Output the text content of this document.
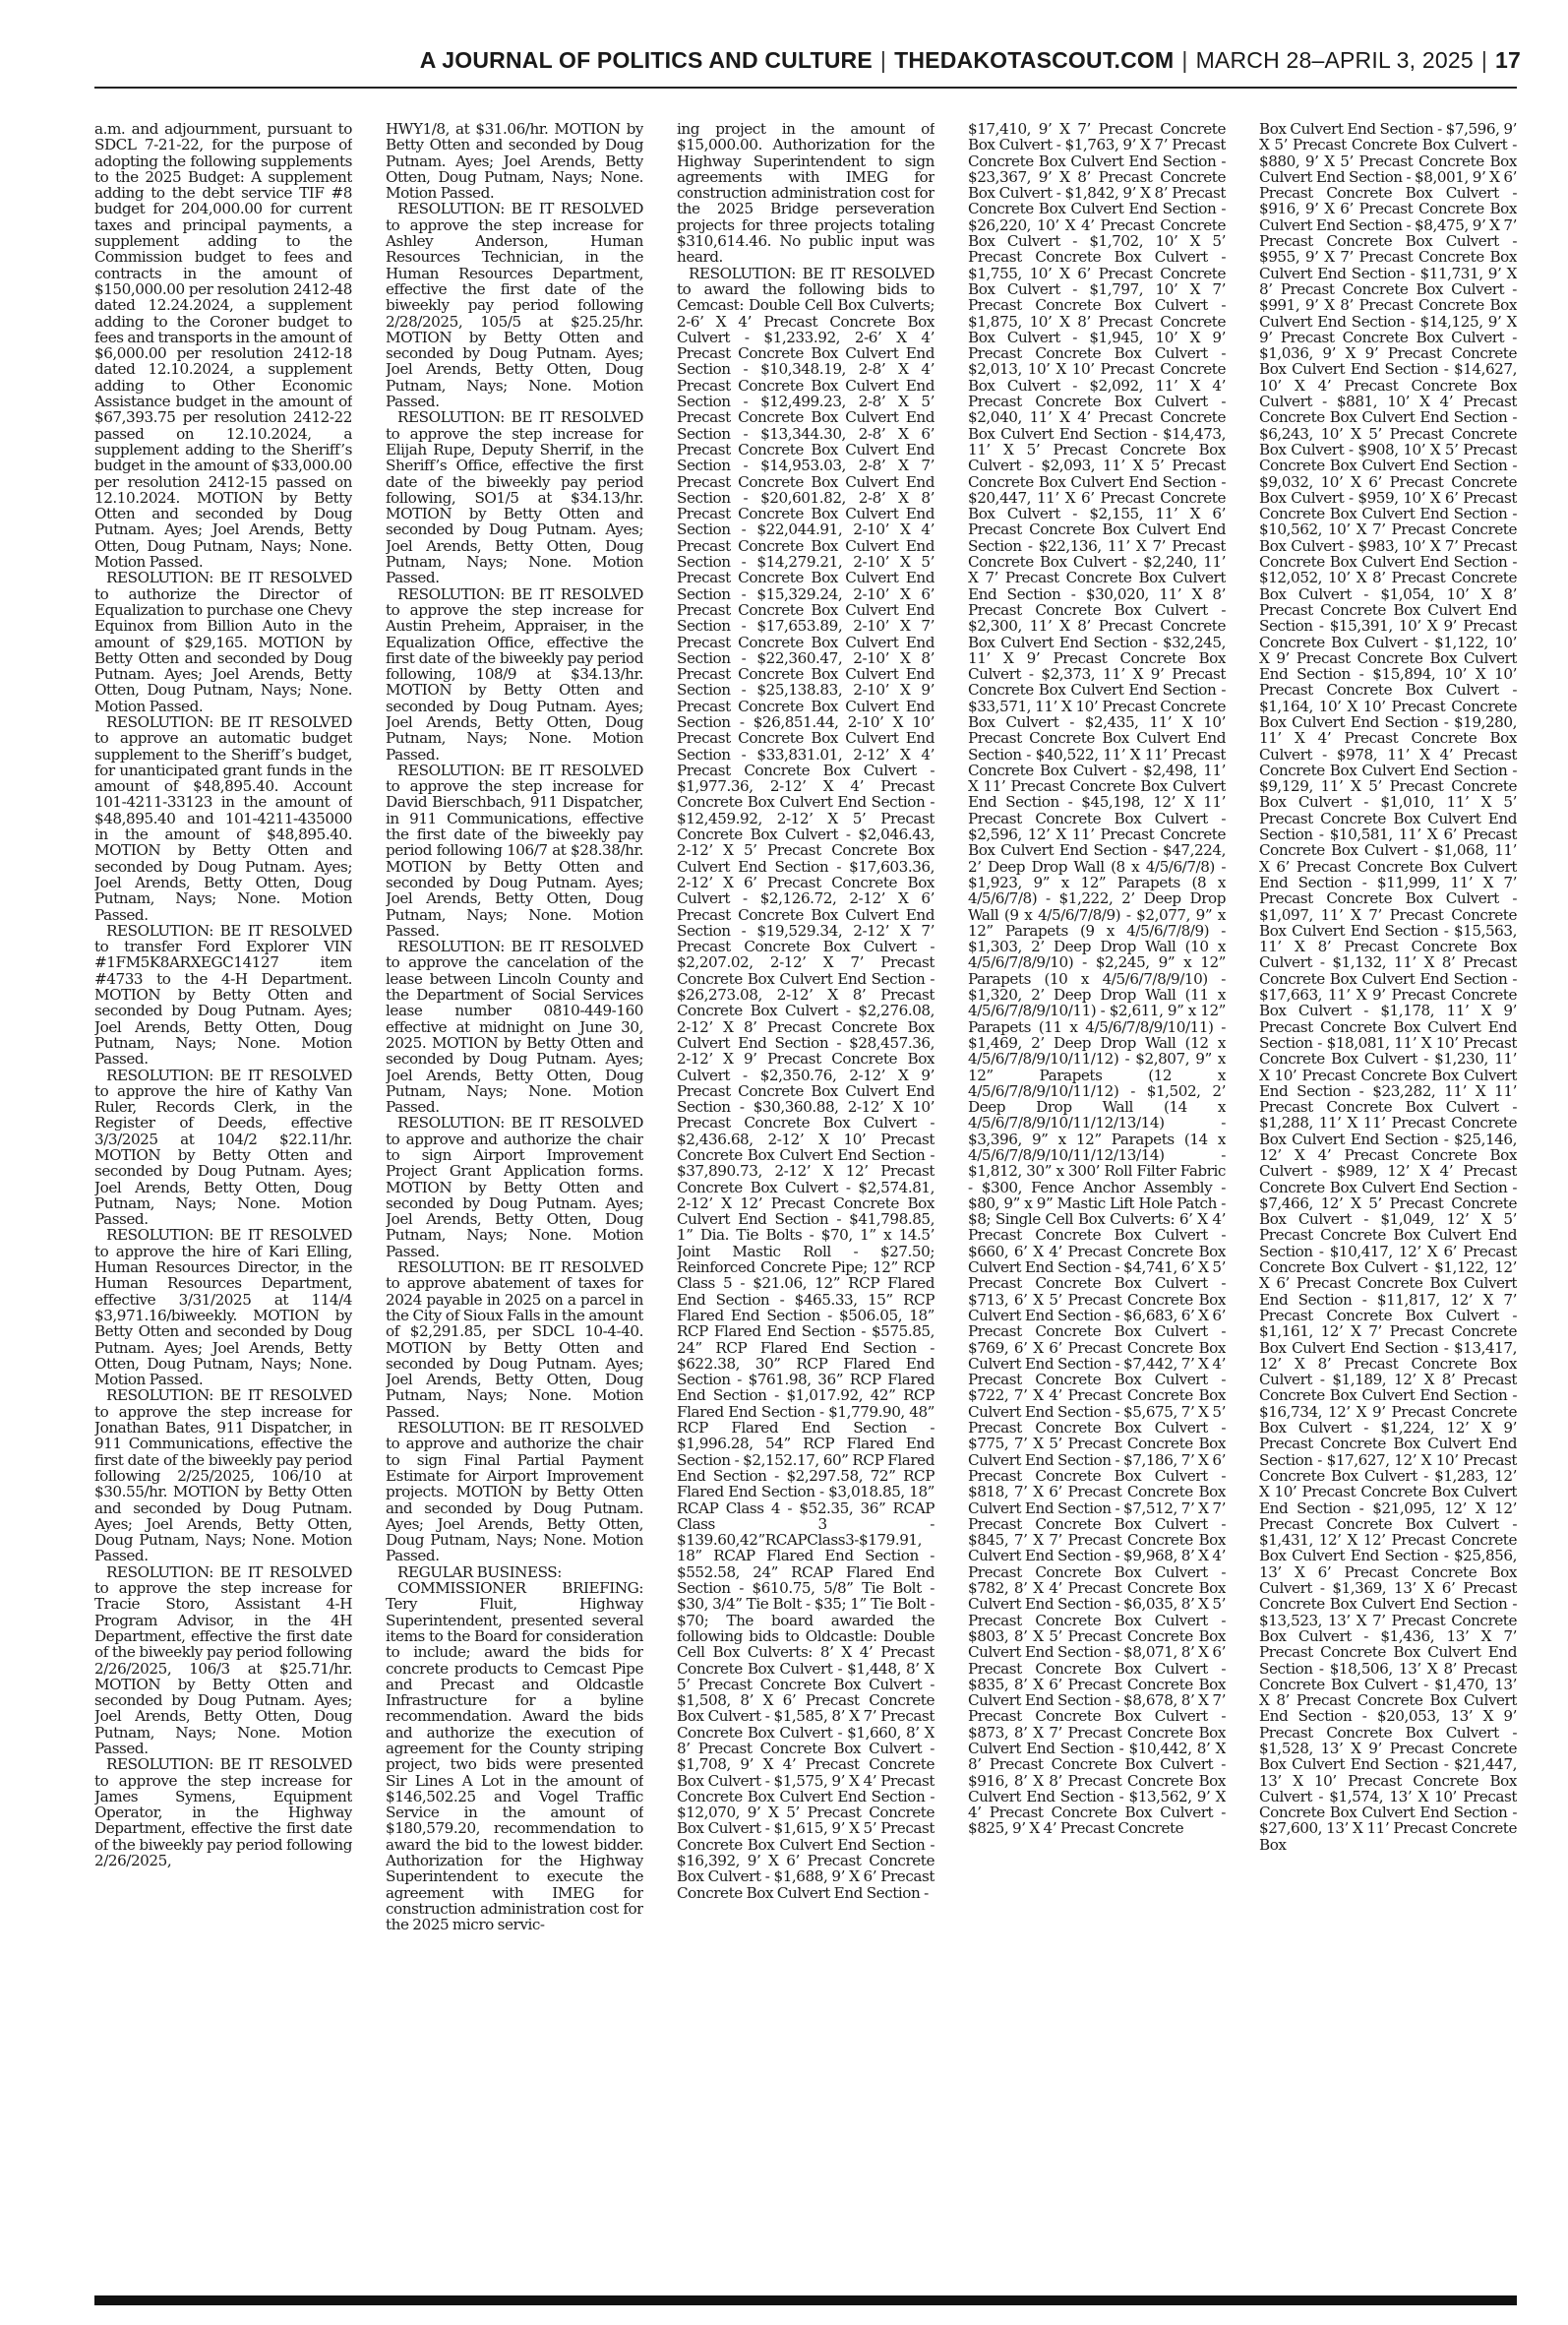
A JOURNAL OF POLITICS AND CULTURE | THEDAKOTASCOUT.COM | MARCH 28–APRIL 3, 2025 | 17

a.m. and adjournment, pursuant to SDCL 7-21-22, for the purpose of adopting the following supplements to the 2025 Budget: A supplement adding to the debt service TIF #8 budget for 204,000.00 for current taxes and principal payments, a supplement adding to the Commission budget to fees and contracts in the amount of $150,000.00 per resolution 2412-48 dated 12.24.2024, a supplement adding to the Coroner budget to fees and transports in the amount of $6,000.00 per resolution 2412-18 dated 12.10.2024, a supplement adding to Other Economic Assistance budget in the amount of $67,393.75 per resolution 2412-22 passed on 12.10.2024, a supplement adding to the Sheriff’s budget in the amount of $33,000.00 per resolution 2412-15 passed on 12.10.2024. MOTION by Betty Otten and seconded by Doug Putnam. Ayes; Joel Arends, Betty Otten, Doug Putnam, Nays; None. Motion Passed.

RESOLUTION: BE IT RESOLVED to authorize the Director of Equalization to purchase one Chevy Equinox from Billion Auto in the amount of $29,165. MOTION by Betty Otten and seconded by Doug Putnam. Ayes; Joel Arends, Betty Otten, Doug Putnam, Nays; None. Motion Passed.

RESOLUTION: BE IT RESOLVED to approve an automatic budget supplement to the Sheriff’s budget, for unanticipated grant funds in the amount of $48,895.40. Account 101-4211-33123 in the amount of $48,895.40 and 101-4211-435000 in the amount of $48,895.40. MOTION by Betty Otten and seconded by Doug Putnam. Ayes; Joel Arends, Betty Otten, Doug Putnam, Nays; None. Motion Passed.

RESOLUTION: BE IT RESOLVED to transfer Ford Explorer VIN #1FM5K8ARXEGC14127 item #4733 to the 4-H Department. MOTION by Betty Otten and seconded by Doug Putnam. Ayes; Joel Arends, Betty Otten, Doug Putnam, Nays; None. Motion Passed.

RESOLUTION: BE IT RESOLVED to approve the hire of Kathy Van Ruler, Records Clerk, in the Register of Deeds, effective 3/3/2025 at 104/2 $22.11/hr. MOTION by Betty Otten and seconded by Doug Putnam. Ayes; Joel Arends, Betty Otten, Doug Putnam, Nays; None. Motion Passed.

RESOLUTION: BE IT RESOLVED to approve the hire of Kari Elling, Human Resources Director, in the Human Resources Department, effective 3/31/2025 at 114/4 $3,971.16/biweekly. MOTION by Betty Otten and seconded by Doug Putnam. Ayes; Joel Arends, Betty Otten, Doug Putnam, Nays; None. Motion Passed.

RESOLUTION: BE IT RESOLVED to approve the step increase for Jonathan Bates, 911 Dispatcher, in 911 Communications, effective the first date of the biweekly pay period following 2/25/2025, 106/10 at $30.55/hr. MOTION by Betty Otten and seconded by Doug Putnam. Ayes; Joel Arends, Betty Otten, Doug Putnam, Nays; None. Motion Passed.

RESOLUTION: BE IT RESOLVED to approve the step increase for Tracie Storo, Assistant 4-H Program Advisor, in the 4H Department, effective the first date of the biweekly pay period following 2/26/2025, 106/3 at $25.71/hr. MOTION by Betty Otten and seconded by Doug Putnam. Ayes; Joel Arends, Betty Otten, Doug Putnam, Nays; None. Motion Passed.

RESOLUTION: BE IT RESOLVED to approve the step increase for James Symens, Equipment Operator, in the Highway Department, effective the first date of the biweekly pay period following 2/26/2025,

HWY1/8, at $31.06/hr. MOTION by Betty Otten and seconded by Doug Putnam. Ayes; Joel Arends, Betty Otten, Doug Putnam, Nays; None. Motion Passed.

RESOLUTION: BE IT RESOLVED to approve the step increase for Ashley Anderson, Human Resources Technician, in the Human Resources Department, effective the first date of the biweekly pay period following 2/28/2025, 105/5 at $25.25/hr. MOTION by Betty Otten and seconded by Doug Putnam. Ayes; Joel Arends, Betty Otten, Doug Putnam, Nays; None. Motion Passed.

RESOLUTION: BE IT RESOLVED to approve the step increase for Elijah Rupe, Deputy Sherrif, in the Sheriff’s Office, effective the first date of the biweekly pay period following, SO1/5 at $34.13/hr. MOTION by Betty Otten and seconded by Doug Putnam. Ayes; Joel Arends, Betty Otten, Doug Putnam, Nays; None. Motion Passed.

RESOLUTION: BE IT RESOLVED to approve the step increase for Austin Preheim, Appraiser, in the Equalization Office, effective the first date of the biweekly pay period following, 108/9 at $34.13/hr. MOTION by Betty Otten and seconded by Doug Putnam. Ayes; Joel Arends, Betty Otten, Doug Putnam, Nays; None. Motion Passed.

RESOLUTION: BE IT RESOLVED to approve the step increase for David Bierschbach, 911 Dispatcher, in 911 Communications, effective the first date of the biweekly pay period following 106/7 at $28.38/hr. MOTION by Betty Otten and seconded by Doug Putnam. Ayes; Joel Arends, Betty Otten, Doug Putnam, Nays; None. Motion Passed.

RESOLUTION: BE IT RESOLVED to approve the cancelation of the lease between Lincoln County and the Department of Social Services lease number 0810-449-160 effective at midnight on June 30, 2025. MOTION by Betty Otten and seconded by Doug Putnam. Ayes; Joel Arends, Betty Otten, Doug Putnam, Nays; None. Motion Passed.

RESOLUTION: BE IT RESOLVED to approve and authorize the chair to sign Airport Improvement Project Grant Application forms. MOTION by Betty Otten and seconded by Doug Putnam. Ayes; Joel Arends, Betty Otten, Doug Putnam, Nays; None. Motion Passed.

RESOLUTION: BE IT RESOLVED to approve abatement of taxes for 2024 payable in 2025 on a parcel in the City of Sioux Falls in the amount of $2,291.85, per SDCL 10-4-40. MOTION by Betty Otten and seconded by Doug Putnam. Ayes; Joel Arends, Betty Otten, Doug Putnam, Nays; None. Motion Passed.

RESOLUTION: BE IT RESOLVED to approve and authorize the chair to sign Final Partial Payment Estimate for Airport Improvement projects. MOTION by Betty Otten and seconded by Doug Putnam. Ayes; Joel Arends, Betty Otten, Doug Putnam, Nays; None. Motion Passed.

REGULAR BUSINESS:

COMMISSIONER BRIEFING: Tery Fluit, Highway Superintendent, presented several items to the Board for consideration to include; award the bids for concrete products to Cemcast Pipe and Precast and Oldcastle Infrastructure for a byline recommendation. Award the bids and authorize the execution of agreement for the County striping project, two bids were presented Sir Lines A Lot in the amount of $146,502.25 and Vogel Traffic Service in the amount of $180,579.20, recommendation to award the bid to the lowest bidder. Authorization for the Highway Superintendent to execute the agreement with IMEG for construction administration cost for the 2025 micro servic-

ing project in the amount of $15,000.00. Authorization for the Highway Superintendent to sign agreements with IMEG for construction administration cost for the 2025 Bridge perseveration projects for three projects totaling $310,614.46. No public input was heard.

RESOLUTION: BE IT RESOLVED to award the following bids to Cemcast: Double Cell Box Culverts; 2-6’ X 4’ Precast Concrete Box Culvert - $1,233.92, 2-6’ X 4’ Precast Concrete Box Culvert End Section - $10,348.19, 2-8’ X 4’ Precast Concrete Box Culvert End Section - $12,499.23, 2-8’ X 5’ Precast Concrete Box Culvert End Section - $13,344.30, 2-8’ X 6’ Precast Concrete Box Culvert End Section - $14,953.03, 2-8’ X 7’ Precast Concrete Box Culvert End Section - $20,601.82, 2-8’ X 8’ Precast Concrete Box Culvert End Section - $22,044.91, 2-10’ X 4’ Precast Concrete Box Culvert End Section - $14,279.21, 2-10’ X 5’ Precast Concrete Box Culvert End Section - $15,329.24, 2-10’ X 6’ Precast Concrete Box Culvert End Section - $17,653.89, 2-10’ X 7’ Precast Concrete Box Culvert End Section - $22,360.47, 2-10’ X 8’ Precast Concrete Box Culvert End Section - $25,138.83, 2-10’ X 9’ Precast Concrete Box Culvert End Section - $26,851.44, 2-10’ X 10’ Precast Concrete Box Culvert End Section - $33,831.01, 2-12’ X 4’ Precast Concrete Box Culvert - $1,977.36, 2-12’ X 4’ Precast Concrete Box Culvert End Section - $12,459.92, 2-12’ X 5’ Precast Concrete Box Culvert - $2,046.43, 2-12’ X 5’ Precast Concrete Box Culvert End Section - $17,603.36, 2-12’ X 6’ Precast Concrete Box Culvert - $2,126.72, 2-12’ X 6’ Precast Concrete Box Culvert End Section - $19,529.34, 2-12’ X 7’ Precast Concrete Box Culvert - $2,207.02, 2-12’ X 7’ Precast Concrete Box Culvert End Section - $26,273.08, 2-12’ X 8’ Precast Concrete Box Culvert - $2,276.08, 2-12’ X 8’ Precast Concrete Box Culvert End Section - $28,457.36, 2-12’ X 9’ Precast Concrete Box Culvert - $2,350.76, 2-12’ X 9’ Precast Concrete Box Culvert End Section - $30,360.88, 2-12’ X 10’ Precast Concrete Box Culvert - $2,436.68, 2-12’ X 10’ Precast Concrete Box Culvert End Section - $37,890.73, 2-12’ X 12’ Precast Concrete Box Culvert - $2,574.81, 2-12’ X 12’ Precast Concrete Box Culvert End Section - $41,798.85, 1” Dia. Tie Bolts - $70, 1” x 14.5’ Joint Mastic Roll - $27.50; Reinforced Concrete Pipe; 12” RCP Class 5 - $21.06, 12” RCP Flared End Section - $465.33, 15” RCP Flared End Section - $506.05, 18” RCP Flared End Section - $575.85, 24” RCP Flared End Section - $622.38, 30” RCP Flared End Section - $761.98, 36” RCP Flared End Section - $1,017.92, 42” RCP Flared End Section - $1,779.90, 48” RCP Flared End Section - $1,996.28, 54” RCP Flared End Section - $2,152.17, 60” RCP Flared End Section - $2,297.58, 72” RCP Flared End Section - $3,018.85, 18” RCAP Class 4 - $52.35, 36” RCAP Class 3 - $139.60,42”RCAPClass3-$179.91, 18” RCAP Flared End Section - $552.58, 24” RCAP Flared End Section - $610.75, 5/8” Tie Bolt - $30, 3/4” Tie Bolt - $35; 1” Tie Bolt - $70; The board awarded the following bids to Oldcastle: Double Cell Box Culverts: 8’ X 4’ Precast Concrete Box Culvert - $1,448, 8’ X 5’ Precast Concrete Box Culvert - $1,508, 8’ X 6’ Precast Concrete Box Culvert - $1,585, 8’ X 7’ Precast Concrete Box Culvert - $1,660, 8’ X 8’ Precast Concrete Box Culvert - $1,708, 9’ X 4’ Precast Concrete Box Culvert - $1,575, 9’ X 4’ Precast Concrete Box Culvert End Section - $12,070, 9’ X 5’ Precast Concrete Box Culvert - $1,615, 9’ X 5’ Precast Concrete Box Culvert End Section - $16,392, 9’ X 6’ Precast Concrete Box Culvert - $1,688, 9’ X 6’ Precast Concrete Box Culvert End Section -

$17,410, 9’ X 7’ Precast Concrete Box Culvert - $1,763, 9’ X 7’ Precast Concrete Box Culvert End Section - $23,367, 9’ X 8’ Precast Concrete Box Culvert - $1,842, 9’ X 8’ Precast Concrete Box Culvert End Section - $26,220, 10’ X 4’ Precast Concrete Box Culvert - $1,702, 10’ X 5’ Precast Concrete Box Culvert - $1,755, 10’ X 6’ Precast Concrete Box Culvert - $1,797, 10’ X 7’ Precast Concrete Box Culvert - $1,875, 10’ X 8’ Precast Concrete Box Culvert - $1,945, 10’ X 9’ Precast Concrete Box Culvert - $2,013, 10’ X 10’ Precast Concrete Box Culvert - $2,092, 11’ X 4’ Precast Concrete Box Culvert - $2,040, 11’ X 4’ Precast Concrete Box Culvert End Section - $14,473, 11’ X 5’ Precast Concrete Box Culvert - $2,093, 11’ X 5’ Precast Concrete Box Culvert End Section - $20,447, 11’ X 6’ Precast Concrete Box Culvert - $2,155, 11’ X 6’ Precast Concrete Box Culvert End Section - $22,136, 11’ X 7’ Precast Concrete Box Culvert - $2,240, 11’ X 7’ Precast Concrete Box Culvert End Section - $30,020, 11’ X 8’ Precast Concrete Box Culvert - $2,300, 11’ X 8’ Precast Concrete Box Culvert End Section - $32,245, 11’ X 9’ Precast Concrete Box Culvert - $2,373, 11’ X 9’ Precast Concrete Box Culvert End Section - $33,571, 11’ X 10’ Precast Concrete Box Culvert - $2,435, 11’ X 10’ Precast Concrete Box Culvert End Section - $40,522, 11’ X 11’ Precast Concrete Box Culvert - $2,498, 11’ X 11’ Precast Concrete Box Culvert End Section - $45,198, 12’ X 11’ Precast Concrete Box Culvert - $2,596, 12’ X 11’ Precast Concrete Box Culvert End Section - $47,224, 2’ Deep Drop Wall (8 x 4/5/6/7/8) - $1,923, 9” x 12” Parapets (8 x 4/5/6/7/8) - $1,222, 2’ Deep Drop Wall (9 x 4/5/6/7/8/9) - $2,077, 9” x 12” Parapets (9 x 4/5/6/7/8/9) - $1,303, 2’ Deep Drop Wall (10 x 4/5/6/7/8/9/10) - $2,245, 9” x 12” Parapets (10 x 4/5/6/7/8/9/10) - $1,320, 2’ Deep Drop Wall (11 x 4/5/6/7/8/9/10/11) - $2,611, 9” x 12” Parapets (11 x 4/5/6/7/8/9/10/11) - $1,469, 2’ Deep Drop Wall (12 x 4/5/6/7/8/9/10/11/12) - $2,807, 9” x 12” Parapets (12 x 4/5/6/7/8/9/10/11/12) - $1,502, 2’ Deep Drop Wall (14 x 4/5/6/7/8/9/10/11/12/13/14) - $3,396, 9” x 12” Parapets (14 x 4/5/6/7/8/9/10/11/12/13/14) - $1,812, 30” x 300’ Roll Filter Fabric - $300, Fence Anchor Assembly - $80, 9” x 9” Mastic Lift Hole Patch - $8; Single Cell Box Culverts: 6’ X 4’ Precast Concrete Box Culvert - $660, 6’ X 4’ Precast Concrete Box Culvert End Section - $4,741, 6’ X 5’ Precast Concrete Box Culvert - $713, 6’ X 5’ Precast Concrete Box Culvert End Section - $6,683, 6’ X 6’ Precast Concrete Box Culvert - $769, 6’ X 6’ Precast Concrete Box Culvert End Section - $7,442, 7’ X 4’ Precast Concrete Box Culvert - $722, 7’ X 4’ Precast Concrete Box Culvert End Section - $5,675, 7’ X 5’ Precast Concrete Box Culvert - $775, 7’ X 5’ Precast Concrete Box Culvert End Section - $7,186, 7’ X 6’ Precast Concrete Box Culvert - $818, 7’ X 6’ Precast Concrete Box Culvert End Section - $7,512, 7’ X 7’ Precast Concrete Box Culvert - $845, 7’ X 7’ Precast Concrete Box Culvert End Section - $9,968, 8’ X 4’ Precast Concrete Box Culvert - $782, 8’ X 4’ Precast Concrete Box Culvert End Section - $6,035, 8’ X 5’ Precast Concrete Box Culvert - $803, 8’ X 5’ Precast Concrete Box Culvert End Section - $8,071, 8’ X 6’ Precast Concrete Box Culvert - $835, 8’ X 6’ Precast Concrete Box Culvert End Section - $8,678, 8’ X 7’ Precast Concrete Box Culvert - $873, 8’ X 7’ Precast Concrete Box Culvert End Section - $10,442, 8’ X 8’ Precast Concrete Box Culvert - $916, 8’ X 8’ Precast Concrete Box Culvert End Section - $13,562, 9’ X 4’ Precast Concrete Box Culvert - $825, 9’ X 4’ Precast Concrete

Box Culvert End Section - $7,596, 9’ X 5’ Precast Concrete Box Culvert - $880, 9’ X 5’ Precast Concrete Box Culvert End Section - $8,001, 9’ X 6’ Precast Concrete Box Culvert - $916, 9’ X 6’ Precast Concrete Box Culvert End Section - $8,475, 9’ X 7’ Precast Concrete Box Culvert - $955, 9’ X 7’ Precast Concrete Box Culvert End Section - $11,731, 9’ X 8’ Precast Concrete Box Culvert - $991, 9’ X 8’ Precast Concrete Box Culvert End Section - $14,125, 9’ X 9’ Precast Concrete Box Culvert - $1,036, 9’ X 9’ Precast Concrete Box Culvert End Section - $14,627, 10’ X 4’ Precast Concrete Box Culvert - $881, 10’ X 4’ Precast Concrete Box Culvert End Section - $6,243, 10’ X 5’ Precast Concrete Box Culvert - $908, 10’ X 5’ Precast Concrete Box Culvert End Section - $9,032, 10’ X 6’ Precast Concrete Box Culvert - $959, 10’ X 6’ Precast Concrete Box Culvert End Section - $10,562, 10’ X 7’ Precast Concrete Box Culvert - $983, 10’ X 7’ Precast Concrete Box Culvert End Section - $12,052, 10’ X 8’ Precast Concrete Box Culvert - $1,054, 10’ X 8’ Precast Concrete Box Culvert End Section - $15,391, 10’ X 9’ Precast Concrete Box Culvert - $1,122, 10’ X 9’ Precast Concrete Box Culvert End Section - $15,894, 10’ X 10’ Precast Concrete Box Culvert - $1,164, 10’ X 10’ Precast Concrete Box Culvert End Section - $19,280, 11’ X 4’ Precast Concrete Box Culvert - $978, 11’ X 4’ Precast Concrete Box Culvert End Section - $9,129, 11’ X 5’ Precast Concrete Box Culvert - $1,010, 11’ X 5’ Precast Concrete Box Culvert End Section - $10,581, 11’ X 6’ Precast Concrete Box Culvert - $1,068, 11’ X 6’ Precast Concrete Box Culvert End Section - $11,999, 11’ X 7’ Precast Concrete Box Culvert - $1,097, 11’ X 7’ Precast Concrete Box Culvert End Section - $15,563, 11’ X 8’ Precast Concrete Box Culvert - $1,132, 11’ X 8’ Precast Concrete Box Culvert End Section - $17,663, 11’ X 9’ Precast Concrete Box Culvert - $1,178, 11’ X 9’ Precast Concrete Box Culvert End Section - $18,081, 11’ X 10’ Precast Concrete Box Culvert - $1,230, 11’ X 10’ Precast Concrete Box Culvert End Section - $23,282, 11’ X 11’ Precast Concrete Box Culvert - $1,288, 11’ X 11’ Precast Concrete Box Culvert End Section - $25,146, 12’ X 4’ Precast Concrete Box Culvert - $989, 12’ X 4’ Precast Concrete Box Culvert End Section - $7,466, 12’ X 5’ Precast Concrete Box Culvert - $1,049, 12’ X 5’ Precast Concrete Box Culvert End Section - $10,417, 12’ X 6’ Precast Concrete Box Culvert - $1,122, 12’ X 6’ Precast Concrete Box Culvert End Section - $11,817, 12’ X 7’ Precast Concrete Box Culvert - $1,161, 12’ X 7’ Precast Concrete Box Culvert End Section - $13,417, 12’ X 8’ Precast Concrete Box Culvert - $1,189, 12’ X 8’ Precast Concrete Box Culvert End Section - $16,734, 12’ X 9’ Precast Concrete Box Culvert - $1,224, 12’ X 9’ Precast Concrete Box Culvert End Section - $17,627, 12’ X 10’ Precast Concrete Box Culvert - $1,283, 12’ X 10’ Precast Concrete Box Culvert End Section - $21,095, 12’ X 12’ Precast Concrete Box Culvert - $1,431, 12’ X 12’ Precast Concrete Box Culvert End Section - $25,856, 13’ X 6’ Precast Concrete Box Culvert - $1,369, 13’ X 6’ Precast Concrete Box Culvert End Section - $13,523, 13’ X 7’ Precast Concrete Box Culvert - $1,436, 13’ X 7’ Precast Concrete Box Culvert End Section - $18,506, 13’ X 8’ Precast Concrete Box Culvert - $1,470, 13’ X 8’ Precast Concrete Box Culvert End Section - $20,053, 13’ X 9’ Precast Concrete Box Culvert - $1,528, 13’ X 9’ Precast Concrete Box Culvert End Section - $21,447, 13’ X 10’ Precast Concrete Box Culvert - $1,574, 13’ X 10’ Precast Concrete Box Culvert End Section - $27,600, 13’ X 11’ Precast Concrete Box
